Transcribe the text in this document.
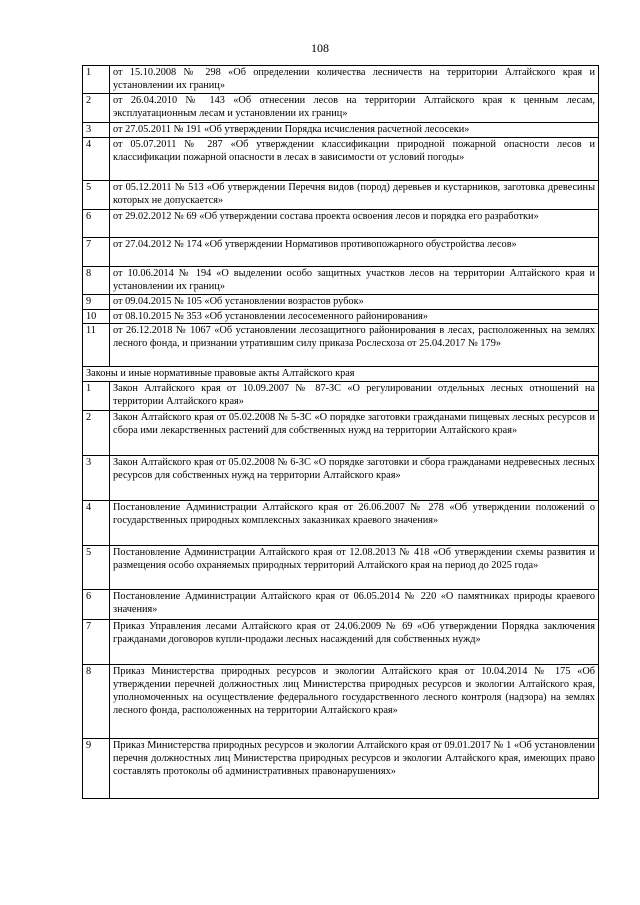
108
1	от 15.10.2008 № 298 «Об определении количества лесничеств на территории Алтайского края и установлении их границ»
2	от 26.04.2010 № 143 «Об отнесении лесов на территории Алтайского края к ценным лесам, эксплуатационным лесам и установлении их границ»
3	от 27.05.2011 № 191 «Об утверждении Порядка исчисления расчетной лесосеки»
4	от 05.07.2011 № 287 «Об утверждении классификации природной пожарной опасности лесов и классификации пожарной опасности в лесах в зависимости от условий погоды»
5	от 05.12.2011 № 513 «Об утверждении Перечня видов (пород) деревьев и кустарников, заготовка древесины которых не допускается»
6	от 29.02.2012 № 69 «Об утверждении состава проекта освоения лесов и порядка его разработки»
7	от 27.04.2012 № 174 «Об утверждении Нормативов противопожарного обустройства лесов»
8	от 10.06.2014 № 194 «О выделении особо защитных участков лесов на территории Алтайского края и установлении их границ»
9	от 09.04.2015 № 105 «Об установлении возрастов рубок»
10	от 08.10.2015 № 353 «Об установлении лесосеменного районирования»
11	от 26.12.2018 № 1067 «Об установлении лесозащитного районирования в лесах, расположенных на землях лесного фонда, и признании утратившим силу приказа Рослесхоза от 25.04.2017 № 179»
Законы и иные нормативные правовые акты Алтайского края	
1	Закон Алтайского края от 10.09.2007 № 87-ЗС «О регулировании отдельных лесных отношений на территории Алтайского края»
2	Закон Алтайского края от 05.02.2008 № 5-ЗС «О порядке заготовки гражданами пищевых лесных ресурсов и сбора ими лекарственных растений для собственных нужд на территории Алтайского края»
3	Закон Алтайского края от 05.02.2008 № 6-ЗС «О порядке заготовки и сбора гражданами недревесных лесных ресурсов для собственных нужд на территории Алтайского края»
4	Постановление Администрации Алтайского края от 26.06.2007 № 278 «Об утверждении положений о государственных природных комплексных заказниках краевого значения»
5	Постановление Администрации Алтайского края от 12.08.2013 № 418 «Об утверждении схемы развития и размещения особо охраняемых природных территорий Алтайского края на период до 2025 года»
6	Постановление Администрации Алтайского края от 06.05.2014 № 220 «О памятниках природы краевого значения»
7	Приказ Управления лесами Алтайского края от 24.06.2009 № 69 «Об утверждении Порядка заключения гражданами договоров купли-продажи лесных насаждений для собственных нужд»
8	Приказ Министерства природных ресурсов и экологии Алтайского края от 10.04.2014 № 175 «Об утверждении перечней должностных лиц Министерства природных ресурсов и экологии Алтайского края, уполномоченных на осуществление федерального государственного лесного контроля (надзора) на землях лесного фонда, расположенных на территории Алтайского края»
9	Приказ Министерства природных ресурсов и экологии Алтайского края от 09.01.2017 № 1 «Об установлении перечня должностных лиц Министерства природных ресурсов и экологии Алтайского края, имеющих право составлять протоколы об административных правонарушениях»
